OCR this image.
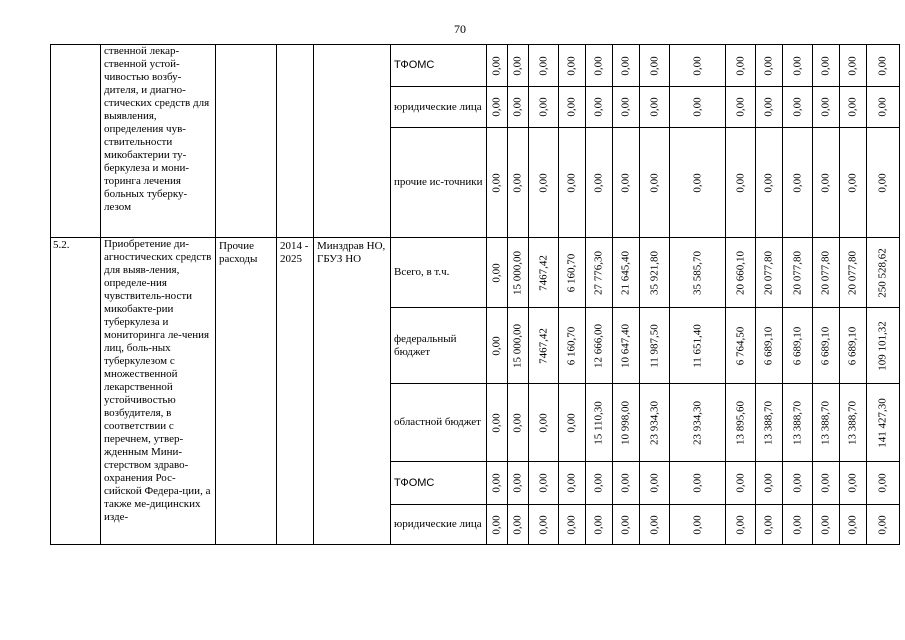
70
	ственной лекар-ственной устой-чивостью возбу-дителя, и диагно-стических средств для выявления, определения чув-ствительности микобактерии ту-беркулеза и мони-торинга лечения больных туберку-лезом				ТФОМС	0,00	0,00	0,00	0,00	0,00	0,00	0,00	0,00	0,00	0,00	0,00	0,00	0,00	0,00

					юридические лица	0,00	0,00	0,00	0,00	0,00	0,00	0,00	0,00	0,00	0,00	0,00	0,00	0,00	0,00

					прочие ис-точники	0,00	0,00	0,00	0,00	0,00	0,00	0,00	0,00	0,00	0,00	0,00	0,00	0,00	0,00

5.2.	Приобретение ди-агностических средств для выяв-ления, определе-ния чувствитель-ности микобакте-рии туберкулеза и мониторинга ле-чения лиц, боль-ных туберкулезом с множественной лекарственной устойчивостью возбудителя, в соответствии с перечнем, утвер-жденным Мини-стерством здраво-охранения Рос-сийской Федера-ции, а также ме-дицинских изде-	Прочие расходы	2014 - 2025	Минздрав НО, ГБУЗ НО	Всего, в т.ч.	0,00	15 000,00	7467,42	6 160,70	27 776,30	21 645,40	35 921,80	35 585,70	20 660,10	20 077,80	20 077,80	20 077,80	20 077,80	250 528,62

					федеральный бюджет	0,00	15 000,00	7467,42	6 160,70	12 666,00	10 647,40	11 987,50	11 651,40	6 764,50	6 689,10	6 689,10	6 689,10	6 689,10	109 101,32

					областной бюджет	0,00	0,00	0,00	0,00	15 110,30	10 998,00	23 934,30	23 934,30	13 895,60	13 388,70	13 388,70	13 388,70	13 388,70	141 427,30

					ТФОМС	0,00	0,00	0,00	0,00	0,00	0,00	0,00	0,00	0,00	0,00	0,00	0,00	0,00	0,00

					юридические лица	0,00	0,00	0,00	0,00	0,00	0,00	0,00	0,00	0,00	0,00	0,00	0,00	0,00	0,00
